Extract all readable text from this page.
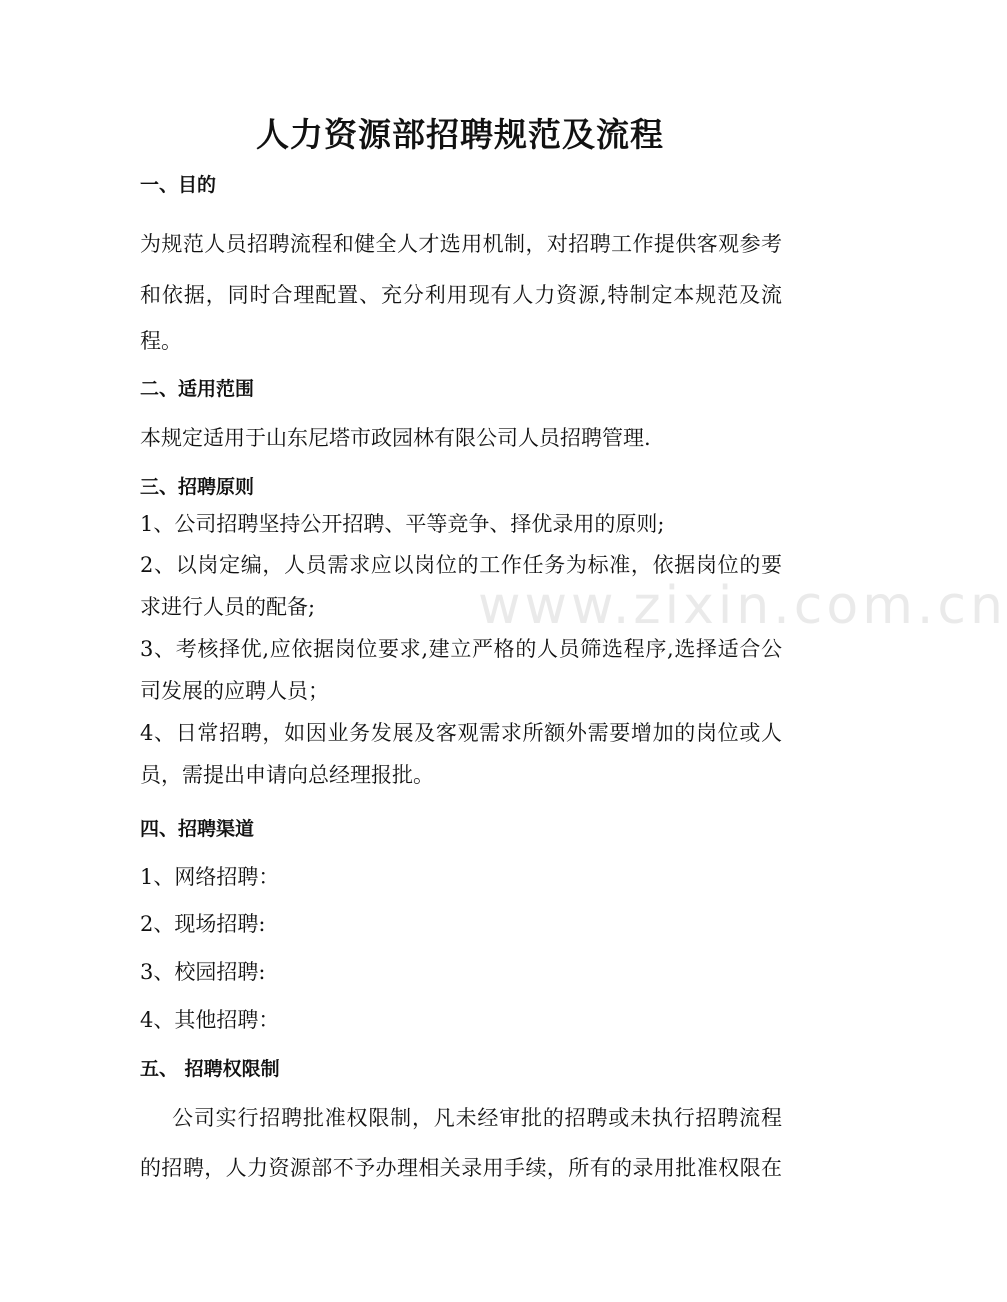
www.zixin.com.cn
人力资源部招聘规范及流程
一、目的
为规范人员招聘流程和健全人才选用机制，对招聘工作提供客观参考
和依据，同时合理配置、充分利用现有人力资源,特制定本规范及流
程。
二、适用范围
本规定适用于山东尼塔市政园林有限公司人员招聘管理.
三、招聘原则
1、公司招聘坚持公开招聘、平等竞争、择优录用的原则;
2、以岗定编，人员需求应以岗位的工作任务为标准，依据岗位的要
求进行人员的配备;
3、考核择优,应依据岗位要求,建立严格的人员筛选程序,选择适合公
司发展的应聘人员；
4、日常招聘，如因业务发展及客观需求所额外需要增加的岗位或人
员，需提出申请向总经理报批。
四、招聘渠道
1、网络招聘：
2、现场招聘:
3、校园招聘:
4、其他招聘：
五、 招聘权限制
公司实行招聘批准权限制，凡未经审批的招聘或未执行招聘流程
的招聘，人力资源部不予办理相关录用手续，所有的录用批准权限在
